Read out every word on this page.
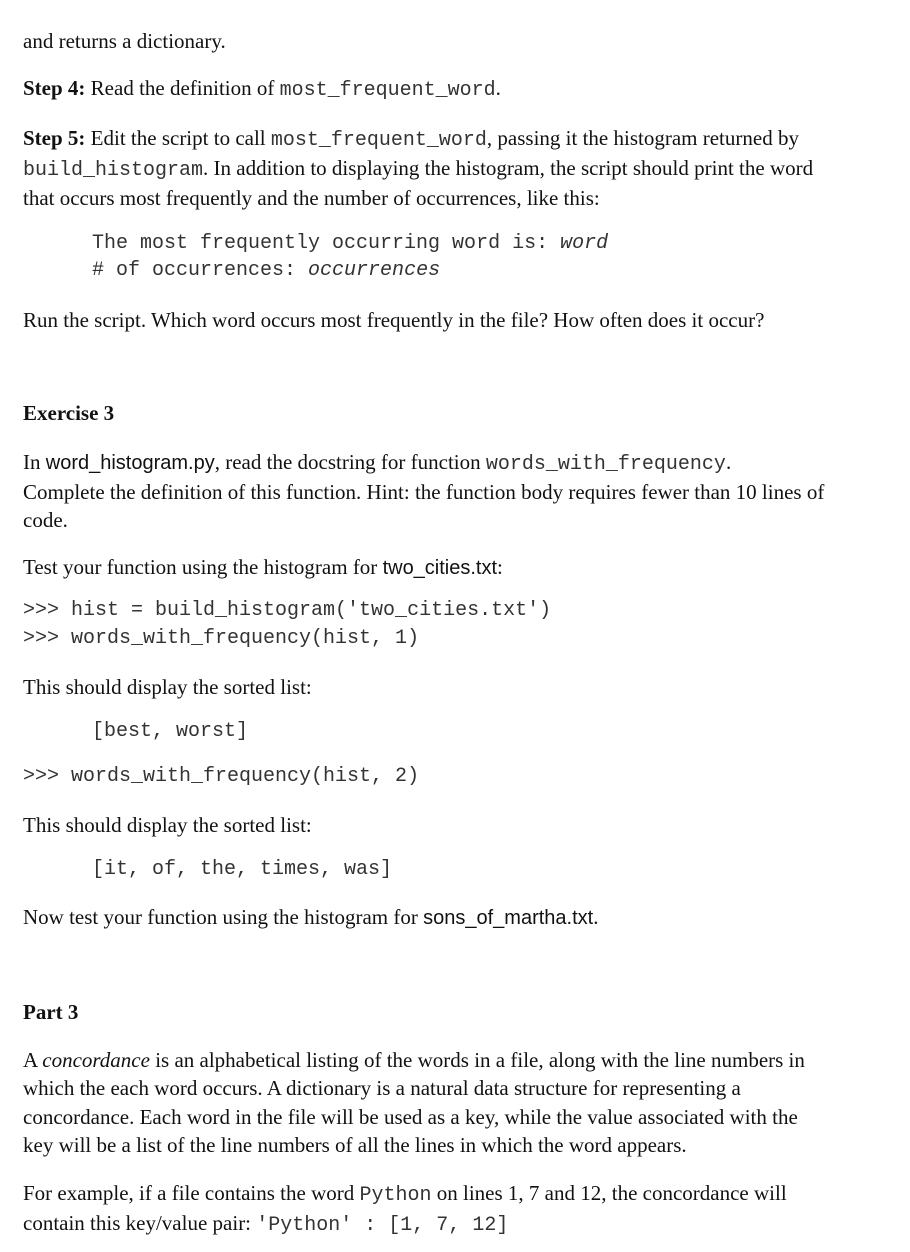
and returns a dictionary.
Step 4: Read the definition of most_frequent_word.
Step 5: Edit the script to call most_frequent_word, passing it the histogram returned by
build_histogram. In addition to displaying the histogram, the script should print the word
that occurs most frequently and the number of occurrences, like this:
The most frequently occurring word is: word
# of occurrences: occurrences
Run the script. Which word occurs most frequently in the file? How often does it occur?
Exercise 3
In word_histogram.py, read the docstring for function words_with_frequency.
Complete the definition of this function. Hint: the function body requires fewer than 10 lines of
code.
Test your function using the histogram for two_cities.txt:
>>> hist = build_histogram('two_cities.txt')
>>> words_with_frequency(hist, 1)
This should display the sorted list:
[best, worst]
>>> words_with_frequency(hist, 2)
This should display the sorted list:
[it, of, the, times, was]
Now test your function using the histogram for sons_of_martha.txt.
Part 3
A concordance is an alphabetical listing of the words in a file, along with the line numbers in
which the each word occurs. A dictionary is a natural data structure for representing a
concordance. Each word in the file will be used as a key, while the value associated with the
key will be a list of the line numbers of all the lines in which the word appears.
For example, if a file contains the word Python on lines 1, 7 and 12, the concordance will
contain this key/value pair: 'Python' : [1, 7, 12]
